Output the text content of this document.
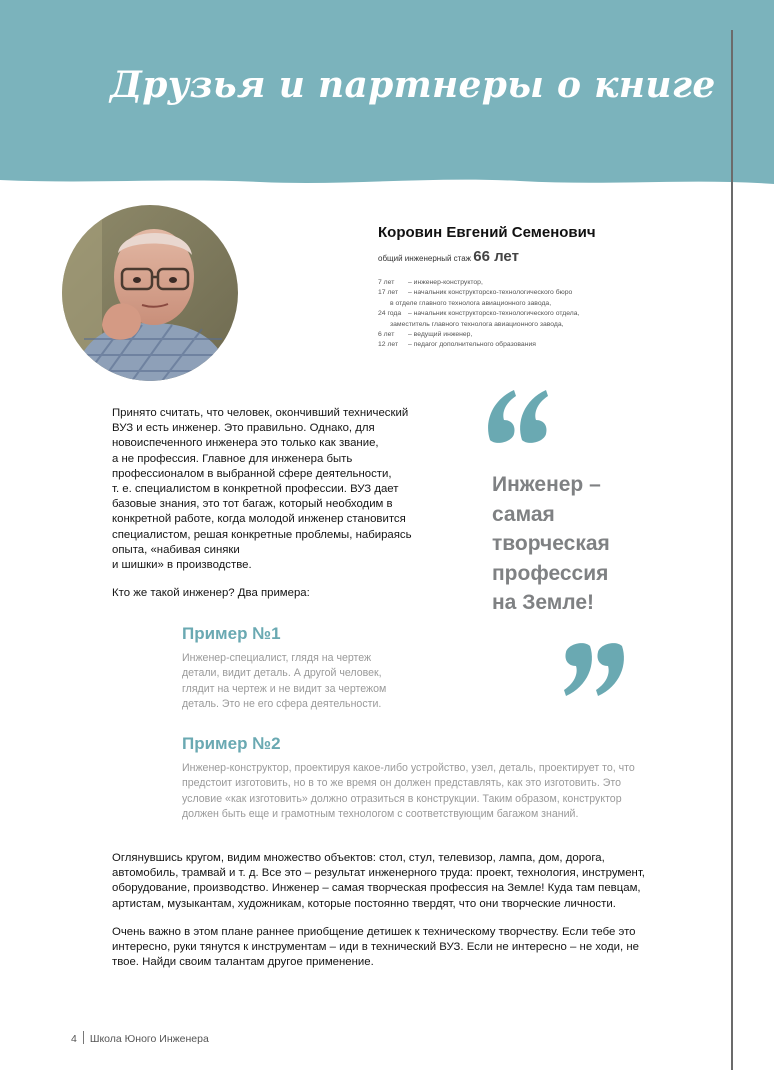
Друзья и партнеры о книге
Коровин Евгений Семенович
общий инженерный стаж 66 лет
7 лет – инженер-конструктор,
17 лет – начальник конструкторско-технологического бюро
в отделе главного технолога авиационного завода,
24 года – начальник конструкторско-технологического отдела,
заместитель главного технолога авиационного завода,
6 лет – ведущий инженер,
12 лет – педагог дополнительного образования
Принято считать, что человек, окончивший технический
ВУЗ и есть инженер. Это правильно. Однако, для
новоиспеченного инженера это только как звание,
а не профессия. Главное для инженера быть
профессионалом в выбранной сфере деятельности,
т. е. специалистом в конкретной профессии. ВУЗ дает
базовые знания, это тот багаж, который необходим в
конкретной работе, когда молодой инженер становится
специалистом, решая конкретные проблемы, набираясь
опыта, «набивая синяки
и шишки» в производстве.
Кто же такой инженер? Два примера:
Инженер –
самая
творческая
профессия
на Земле!
Пример №1
Инженер-специалист, глядя на чертеж
детали, видит деталь. А другой человек,
глядит на чертеж и не видит за чертежом
деталь. Это не его сфера деятельности.
Пример №2
Инженер-конструктор, проектируя какое-либо устройство, узел, деталь, проектирует то, что
предстоит изготовить, но в то же время он должен представлять, как это изготовить. Это
условие «как изготовить» должно отразиться в конструкции. Таким образом, конструктор
должен быть еще и грамотным технологом с соответствующим багажом знаний.
Оглянувшись кругом, видим множество объектов: стол, стул, телевизор, лампа, дом, дорога,
автомобиль, трамвай и т. д. Все это – результат инженерного труда: проект, технология, инструмент,
оборудование, производство. Инженер – самая творческая профессия на Земле! Куда там певцам,
артистам, музыкантам, художникам, которые постоянно твердят, что они творческие личности.
Очень важно в этом плане раннее приобщение детишек к техническому творчеству. Если тебе это
интересно, руки тянутся к инструментам – иди в технический ВУЗ. Если не интересно – не ходи, не
твое. Найди своим талантам другое применение.
4 Школа Юного Инженера
